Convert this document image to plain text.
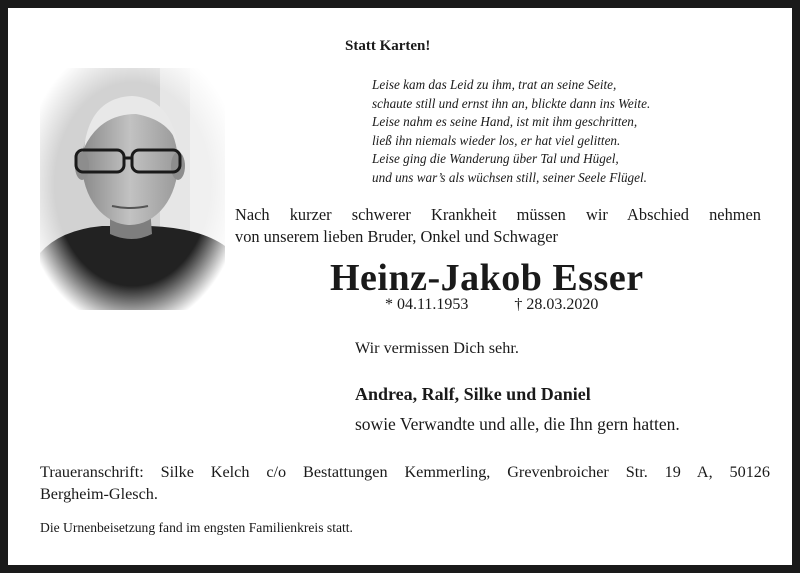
Statt Karten!
Leise kam das Leid zu ihm, trat an seine Seite,
schaute still und ernst ihn an, blickte dann ins Weite.
Leise nahm es seine Hand, ist mit ihm geschritten,
ließ ihn niemals wieder los, er hat viel gelitten.
Leise ging die Wanderung über Tal und Hügel,
und uns war’s als wüchsen still, seiner Seele Flügel.
Nach kurzer schwerer Krankheit müssen wir Abschied nehmen
von unserem lieben Bruder, Onkel und Schwager
Heinz-Jakob Esser
* 04.11.1953	† 28.03.2020
Wir vermissen Dich sehr.
Andrea, Ralf, Silke und Daniel
sowie Verwandte und alle, die Ihn gern hatten.
Traueranschrift: Silke Kelch c/o Bestattungen Kemmerling, Grevenbroicher Str. 19 A, 50126
Bergheim-Glesch.
Die Urnenbeisetzung fand im engsten Familienkreis statt.
